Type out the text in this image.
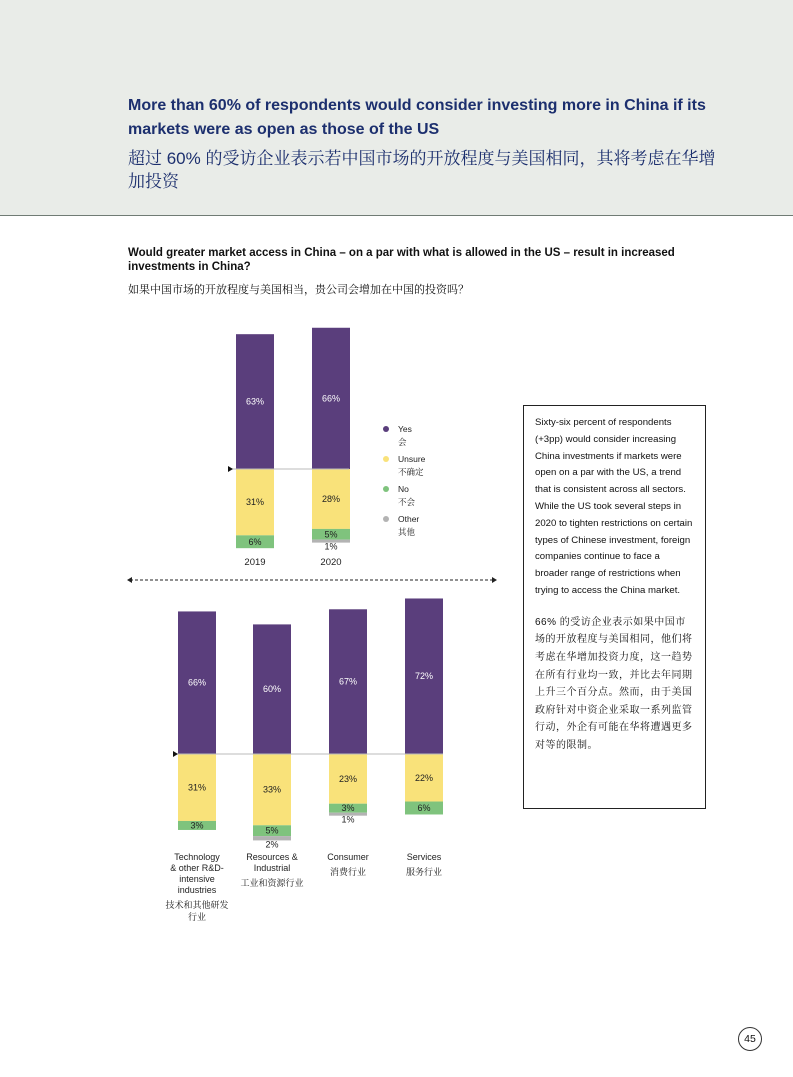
More than 60% of respondents would consider investing more in China if its markets were as open as those of the US
超过 60% 的受访企业表示若中国市场的开放程度与美国相同，其将考虑在华增加投资
Would greater market access in China – on a par with what is allowed in the US – result in increased investments in China?
如果中国市场的开放程度与美国相当，贵公司会增加在中国的投资吗？
63%
31%
6%
66%
28%
5%
1%
66%
31%
3%
60%
33%
5%
2%
67%
23%
3%
1%
72%
22%
6%
2019	2020
Yes
会
Unsure
不确定
No
不会
Other
其他
Technology
& other R&D-
intensive
industries
技术和其他研发
行业
Resources &
Industrial
工业和资源行业
Consumer
消费行业
Services
服务行业

Sixty-six percent of respondents (+3pp) would consider increasing China investments if markets were open on a par with the US, a trend that is consistent across all sectors. While the US took several steps in 2020 to tighten restrictions on certain types of Chinese investment, foreign companies continue to face a broader range of restrictions when trying to access the China market.

66% 的受访企业表示如果中国市场的开放程度与美国相同，他们将考虑在华增加投资力度，这一趋势在所有行业均一致，并比去年同期上升三个百分点。然而，由于美国政府针对中资企业采取一系列监管行动，外企有可能在华将遭遇更多对等的限制。

45
